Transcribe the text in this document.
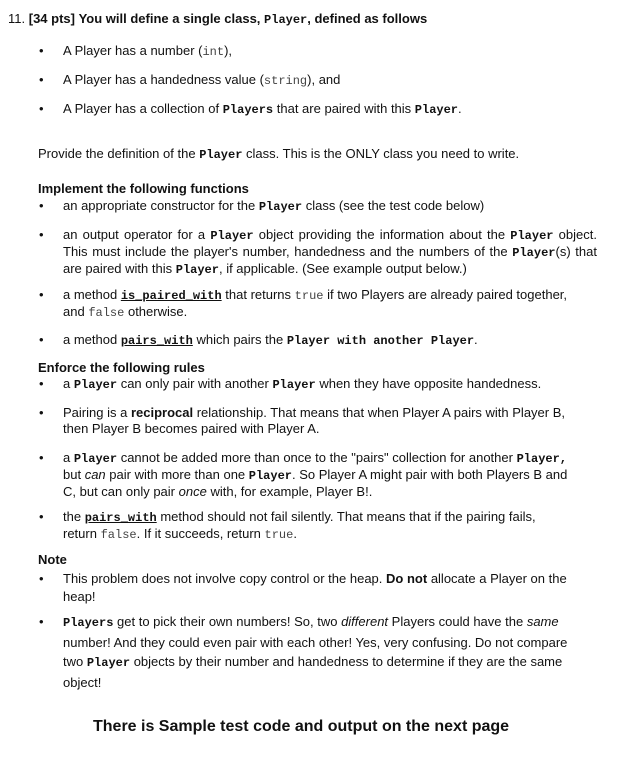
11. [34 pts] You will define a single class, Player, defined as follows
• A Player has a number (int),
• A Player has a handedness value (string), and
• A Player has a collection of Players that are paired with this Player.
Provide the definition of the Player class. This is the ONLY class you need to write.
Implement the following functions
• an appropriate constructor for the Player class (see the test code below)
• an output operator for a Player object providing the information about the Player object. This must include the player's number, handedness and the numbers of the Player(s) that are paired with this Player, if applicable. (See example output below.)
• a method is_paired_with that returns true if two Players are already paired together,
and false otherwise.
• a method pairs_with which pairs the Player with another Player.
Enforce the following rules
• a Player can only pair with another Player when they have opposite handedness.
• Pairing is a reciprocal relationship. That means that when Player A pairs with Player B,
then Player B becomes paired with Player A.
• a Player cannot be added more than once to the "pairs" collection for another Player,
but can pair with more than one Player. So Player A might pair with both Players B and
C, but can only pair once with, for example, Player B!.
• the pairs_with method should not fail silently. That means that if the pairing fails,
return false. If it succeeds, return true.
Note
• This problem does not involve copy control or the heap. Do not allocate a Player on the
heap!
• Players get to pick their own numbers! So, two different Players could have the same
number! And they could even pair with each other! Yes, very confusing. Do not compare
two Player objects by their number and handedness to determine if they are the same
object!
There is Sample test code and output on the next page
